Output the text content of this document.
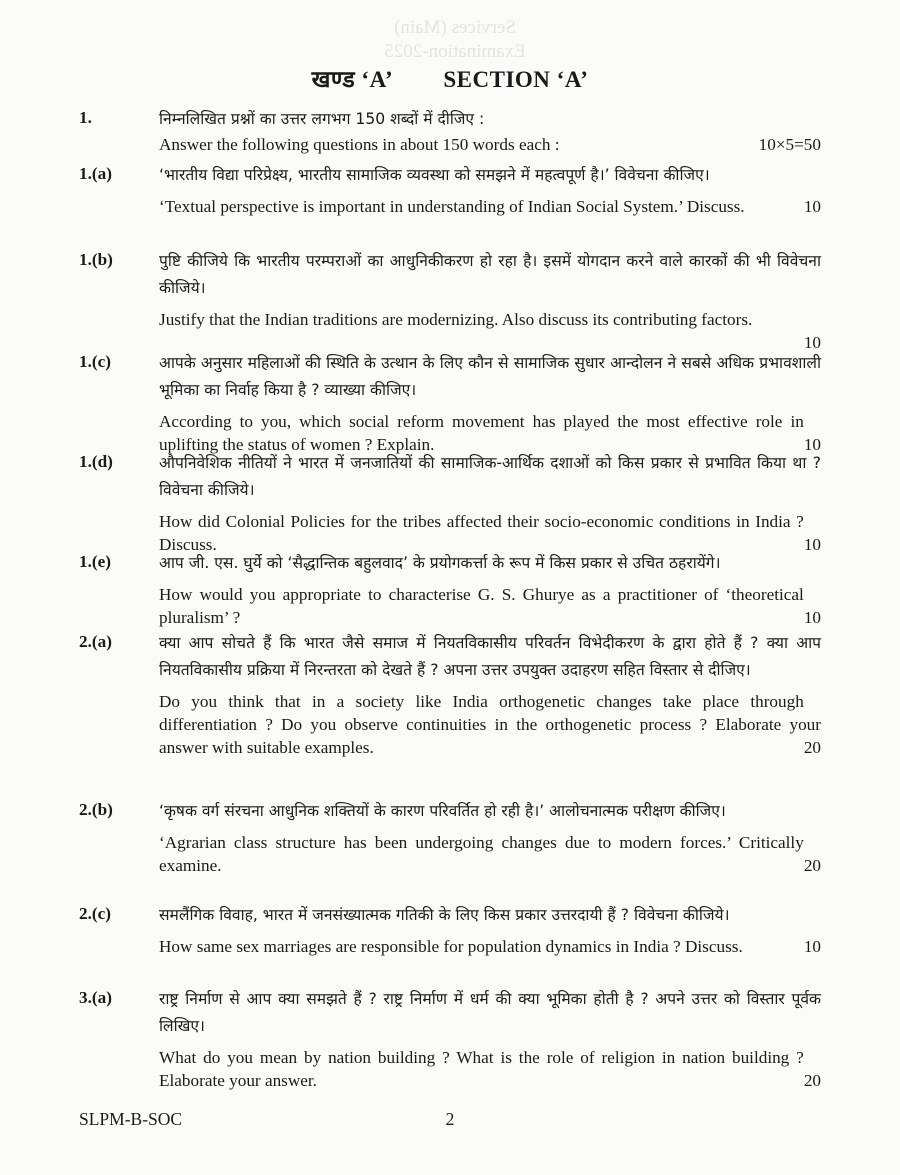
Services (Main)
Examination-2025
खण्ड ‘A’ SECTION ‘A’
1.	निम्नलिखित प्रश्नों का उत्तर लगभग 150 शब्दों में दीजिए :
10×5=50
Answer the following questions in about 150 words each :
1.(a)	‘भारतीय विद्या परिप्रेक्ष्य, भारतीय सामाजिक व्यवस्था को समझने में महत्वपूर्ण है।’ विवेचना कीजिए।
10
‘Textual perspective is important in understanding of Indian Social System.’ Discuss.
1.(b)	पुष्टि कीजिये कि भारतीय परम्पराओं का आधुनिकीकरण हो रहा है। इसमें योगदान करने वाले कारकों की भी विवेचना कीजिये।
Justify that the Indian traditions are modernizing. Also discuss its contributing factors.
10
1.(c)	आपके अनुसार महिलाओं की स्थिति के उत्थान के लिए कौन से सामाजिक सुधार आन्दोलन ने सबसे अधिक प्रभावशाली भूमिका का निर्वाह किया है ? व्याख्या कीजिए।
10
According to you, which social reform movement has played the most effective role in uplifting the status of women ? Explain.
1.(d)	औपनिवेशिक नीतियों ने भारत में जनजातियों की सामाजिक-आर्थिक दशाओं को किस प्रकार से प्रभावित किया था ? विवेचना कीजिये।
10
How did Colonial Policies for the tribes affected their socio-economic conditions in India ? Discuss.
1.(e)	आप जी. एस. घुर्ये को ‘सैद्धान्तिक बहुलवाद’ के प्रयोगकर्त्ता के रूप में किस प्रकार से उचित ठहरायेंगे।
10
How would you appropriate to characterise G. S. Ghurye as a practitioner of ‘theoretical pluralism’ ?
2.(a)	क्या आप सोचते हैं कि भारत जैसे समाज में नियतविकासीय परिवर्तन विभेदीकरण के द्वारा होते हैं ? क्या आप नियतविकासीय प्रक्रिया में निरन्तरता को देखते हैं ? अपना उत्तर उपयुक्त उदाहरण सहित विस्तार से दीजिए।
20
Do you think that in a society like India orthogenetic changes take place through differentiation ? Do you observe continuities in the orthogenetic process ? Elaborate your answer with suitable examples.
2.(b)	‘कृषक वर्ग संरचना आधुनिक शक्तियों के कारण परिवर्तित हो रही है।’ आलोचनात्मक परीक्षण कीजिए।
20
‘Agrarian class structure has been undergoing changes due to modern forces.’ Critically examine.
2.(c)	समलैंगिक विवाह, भारत में जनसंख्यात्मक गतिकी के लिए किस प्रकार उत्तरदायी हैं ? विवेचना कीजिये।
10
How same sex marriages are responsible for population dynamics in India ? Discuss.
3.(a)	राष्ट्र निर्माण से आप क्या समझते हैं ? राष्ट्र निर्माण में धर्म की क्या भूमिका होती है ? अपने उत्तर को विस्तार पूर्वक लिखिए।
20
What do you mean by nation building ? What is the role of religion in nation building ? Elaborate your answer.
SLPM-B-SOC	2
